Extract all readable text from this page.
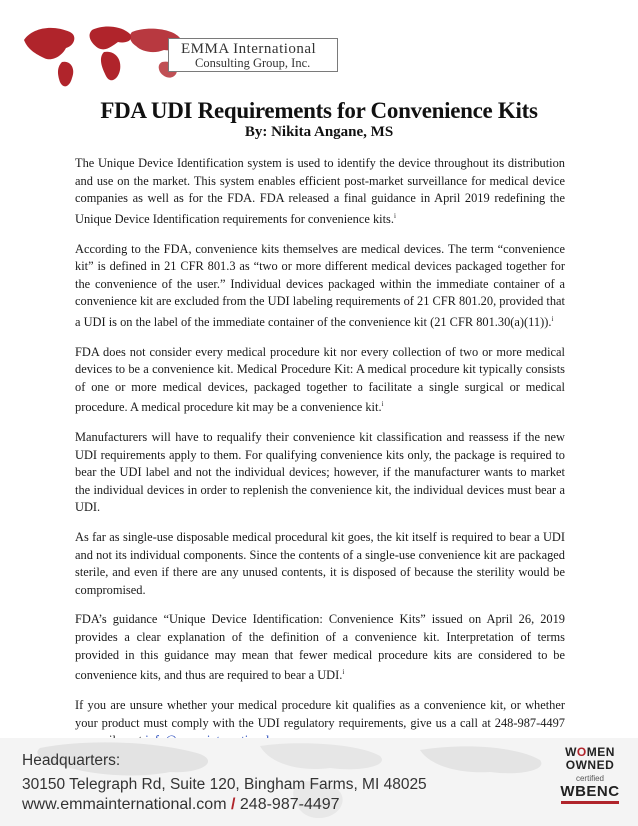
EMMA International
Consulting Group, Inc.
FDA UDI Requirements for Convenience Kits
By: Nikita Angane, MS

The Unique Device Identification system is used to identify the device throughout its distribution and use on the market. This system enables efficient post-market surveillance for medical device companies as well as for the FDA. FDA released a final guidance in April 2019 redefining the Unique Device Identification requirements for convenience kits.$^i$

According to the FDA, convenience kits themselves are medical devices. The term “convenience kit” is defined in 21 CFR 801.3 as “two or more different medical devices packaged together for the convenience of the user.” Individual devices packaged within the immediate container of a convenience kit are excluded from the UDI labeling requirements of 21 CFR 801.20, provided that a UDI is on the label of the immediate container of the convenience kit (21 CFR 801.30(a)(11)).$^i$

FDA does not consider every medical procedure kit nor every collection of two or more medical devices to be a convenience kit. Medical Procedure Kit: A medical procedure kit typically consists of one or more medical devices, packaged together to facilitate a single surgical or medical procedure. A medical procedure kit may be a convenience kit.$^i$

Manufacturers will have to requalify their convenience kit classification and reassess if the new UDI requirements apply to them. For qualifying convenience kits only, the package is required to bear the UDI label and not the individual devices; however, if the manufacturer wants to market the individual devices in order to replenish the convenience kit, the individual devices must bear a UDI.

As far as single-use disposable medical procedural kit goes, the kit itself is required to bear a UDI and not its individual components. Since the contents of a single-use convenience kit are packaged sterile, and even if there are any unused contents, it is disposed of because the sterility would be compromised.

FDA’s guidance “Unique Device Identification: Convenience Kits” issued on April 26, 2019 provides a clear explanation of the definition of a convenience kit. Interpretation of terms provided in this guidance may mean that fewer medical procedure kits are considered to be convenience kits, and thus are required to bear a UDI.$^i$

If you are unsure whether your medical procedure kit qualifies as a convenience kit, or whether your product must comply with the UDI regulatory requirements, give us a call at 248-987-4497

Headquarters:
30150 Telegraph Rd, Suite 120, Bingham Farms, MI 48025
www.emmainternational.com / 248-987-4497
WOMEN
OWNED
certified
WBENC
